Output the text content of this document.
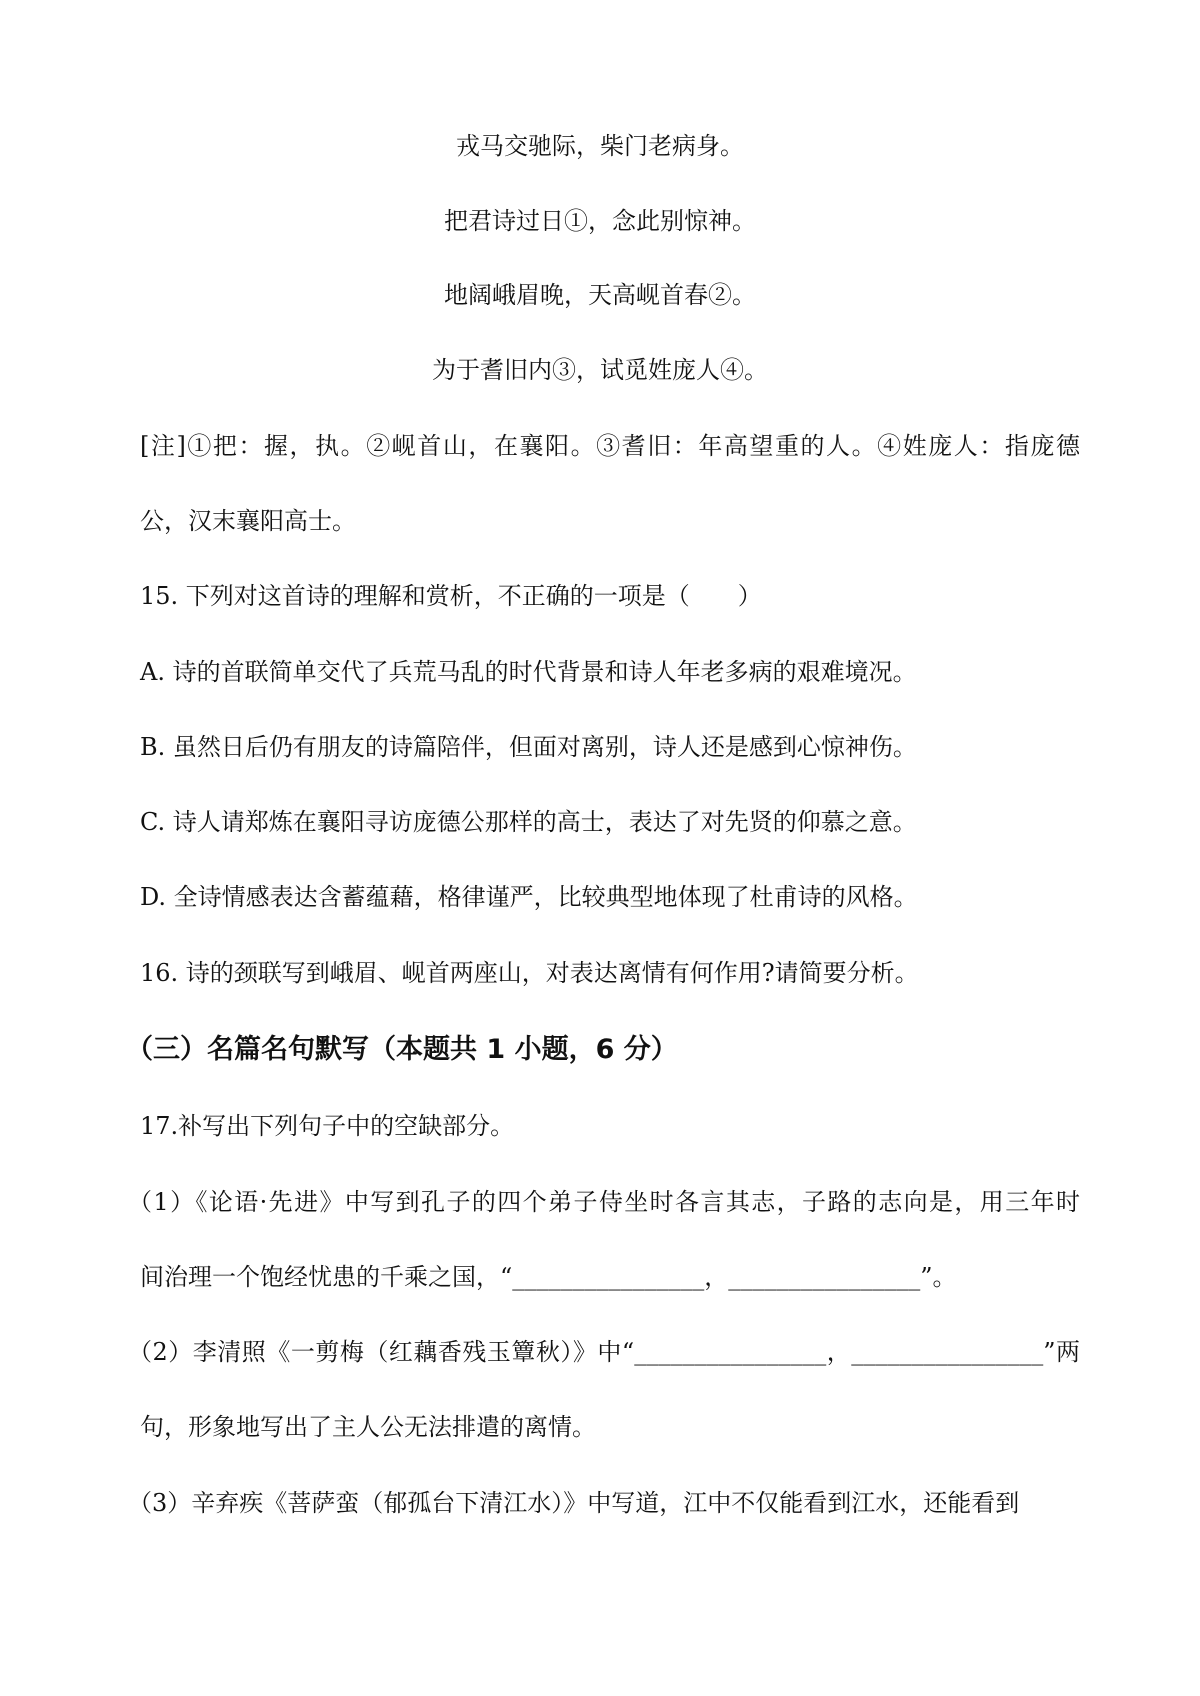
戎马交驰际，柴门老病身。
把君诗过日①，念此别惊神。
地阔峨眉晚，天高岘首春②。
为于耆旧内③，试觅姓庞人④。
[注]①把：握，执。②岘首山，在襄阳。③耆旧：年高望重的人。④姓庞人：指庞德
公，汉末襄阳高士。
15. 下列对这首诗的理解和赏析，不正确的一项是（　　）
A. 诗的首联简单交代了兵荒马乱的时代背景和诗人年老多病的艰难境况。
B. 虽然日后仍有朋友的诗篇陪伴，但面对离别，诗人还是感到心惊神伤。
C. 诗人请郑炼在襄阳寻访庞德公那样的高士，表达了对先贤的仰慕之意。
D. 全诗情感表达含蓄蕴藉，格律谨严，比较典型地体现了杜甫诗的风格。
16. 诗的颈联写到峨眉、岘首两座山，对表达离情有何作用?请简要分析。
（三）名篇名句默写（本题共 1 小题，6 分）
17.补写出下列句子中的空缺部分。
（1）《论语·先进》中写到孔子的四个弟子侍坐时各言其志，子路的志向是，用三年时
间治理一个饱经忧患的千乘之国，“________________，________________”。
（2）李清照《一剪梅（红藕香残玉簟秋）》中“________________，________________”两
句，形象地写出了主人公无法排遣的离情。
（3）辛弃疾《菩萨蛮（郁孤台下清江水）》中写道，江中不仅能看到江水，还能看到
